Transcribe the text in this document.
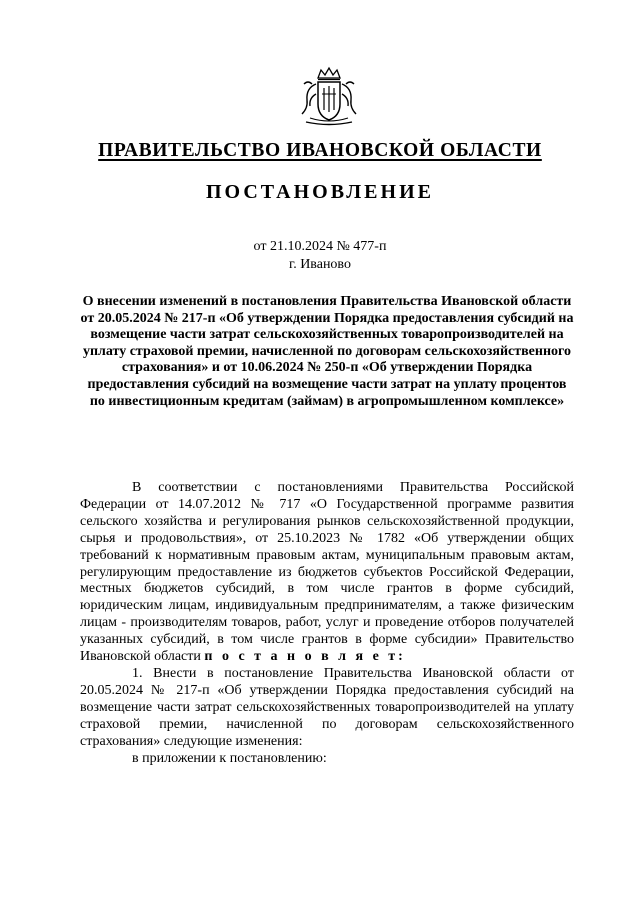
ПРАВИТЕЛЬСТВО ИВАНОВСКОЙ ОБЛАСТИ
ПОСТАНОВЛЕНИЕ
от 21.10.2024 № 477-п
г. Иваново
О внесении изменений в постановления Правительства Ивановской области от 20.05.2024 № 217-п «Об утверждении Порядка предоставления субсидий на возмещение части затрат сельскохозяйственных товаропроизводителей на уплату страховой премии, начисленной по договорам сельскохозяйственного страхования» и от 10.06.2024 № 250-п «Об утверждении Порядка предоставления субсидий на возмещение части затрат на уплату процентов по инвестиционным кредитам (займам) в агропромышленном комплексе»

В соответствии с постановлениями Правительства Российской Федерации от 14.07.2012 № 717 «О Государственной программе развития сельского хозяйства и регулирования рынков сельскохозяйственной продукции, сырья и продовольствия», от 25.10.2023 № 1782 «Об утверждении общих требований к нормативным правовым актам, муниципальным правовым актам, регулирующим предоставление из бюджетов субъектов Российской Федерации, местных бюджетов субсидий, в том числе грантов в форме субсидий, юридическим лицам, индивидуальным предпринимателям, а также физическим лицам - производителям товаров, работ, услуг и проведение отборов получателей указанных субсидий, в том числе грантов в форме субсидии» Правительство Ивановской области п о с т а н о в л я е т:

1. Внести в постановление Правительства Ивановской области от 20.05.2024 № 217-п «Об утверждении Порядка предоставления субсидий на возмещение части затрат сельскохозяйственных товаропроизводителей на уплату страховой премии, начисленной по договорам сельскохозяйственного страхования» следующие изменения:

в приложении к постановлению:
